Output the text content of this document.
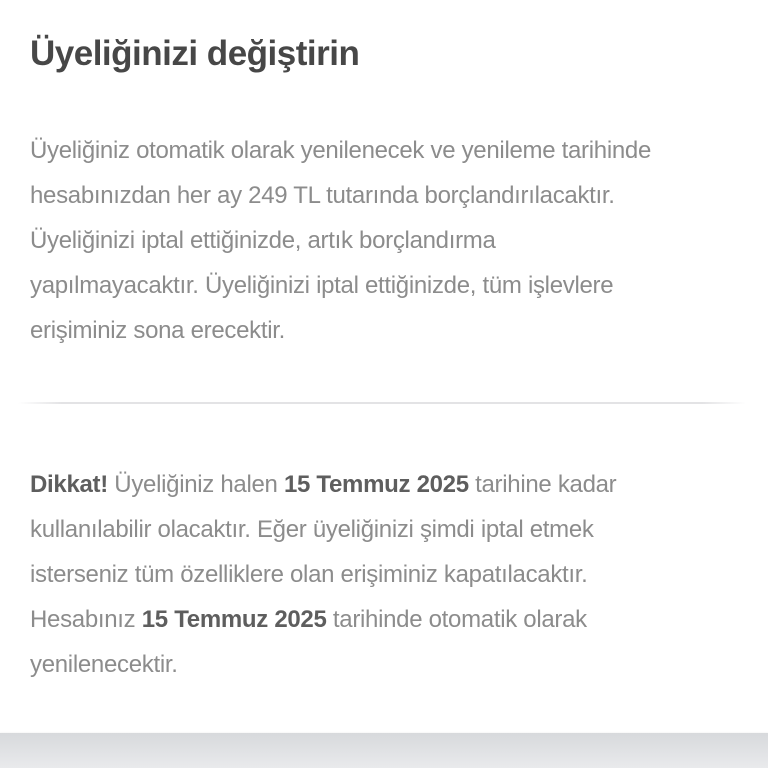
Üyeliğinizi değiştirin
Üyeliğiniz otomatik olarak yenilenecek ve yenileme tarihinde
hesabınızdan her ay 249 TL tutarında borçlandırılacaktır.
Üyeliğinizi iptal ettiğinizde, artık borçlandırma
yapılmayacaktır. Üyeliğinizi iptal ettiğinizde, tüm işlevlere
erişiminiz sona erecektir.
Dikkat! Üyeliğiniz halen 15 Temmuz 2025 tarihine kadar
kullanılabilir olacaktır. Eğer üyeliğinizi şimdi iptal etmek
isterseniz tüm özelliklere olan erişiminiz kapatılacaktır.
Hesabınız 15 Temmuz 2025 tarihinde otomatik olarak
yenilenecektir.
